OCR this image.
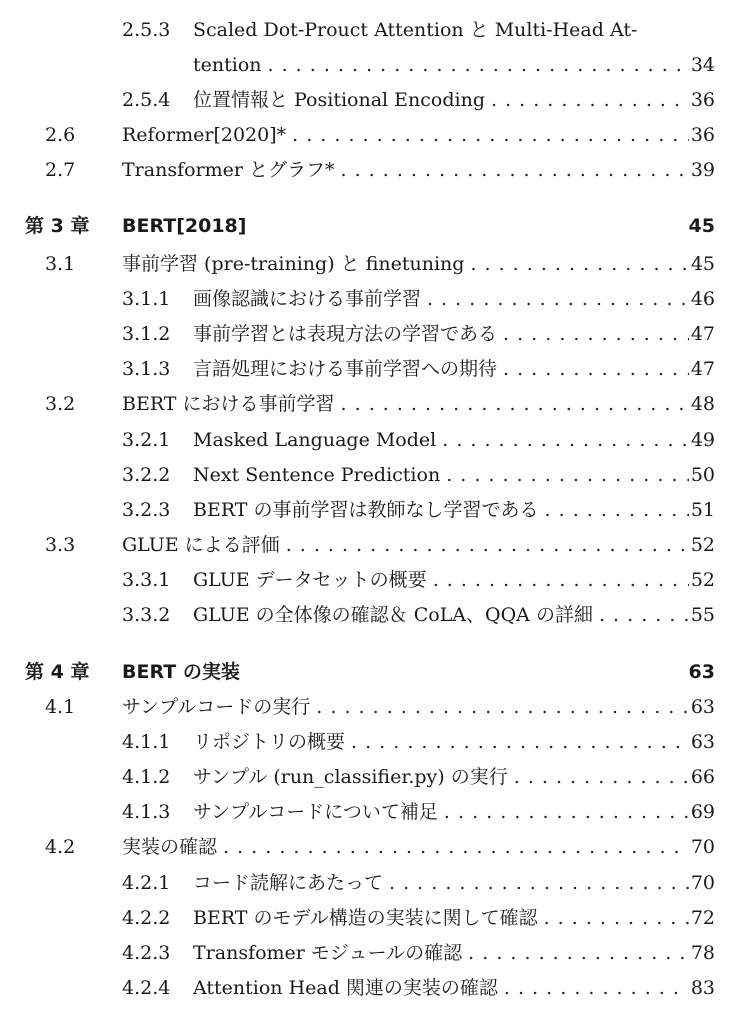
2.5.3 Scaled Dot-Prouct Attention と Multi-Head At-
tention . . .	34
2.5.4 位置情報と Positional Encoding . . .	36
2.6 Reformer[2020]* . . .	36
2.7 Transformer とグラフ* . . .	39
第 3 章 BERT[2018]	45
3.1 事前学習 (pre-training) と finetuning . . .	45
3.1.1 画像認識における事前学習 . . .	46
3.1.2 事前学習とは表現方法の学習である . . .	47
3.1.3 言語処理における事前学習への期待 . . .	47
3.2 BERT における事前学習 . . .	48
3.2.1 Masked Language Model . . .	49
3.2.2 Next Sentence Prediction . . .	50
3.2.3 BERT の事前学習は教師なし学習である . . .	51
3.3 GLUE による評価 . . .	52
3.3.1 GLUE データセットの概要 . . .	52
3.3.2 GLUE の全体像の確認＆ CoLA、QQA の詳細 . . .	55
第 4 章 BERT の実装	63
4.1 サンプルコードの実行 . . .	63
4.1.1 リポジトリの概要 . . .	63
4.1.2 サンプル (run_classifier.py) の実行 . . .	66
4.1.3 サンプルコードについて補足 . . .	69
4.2 実装の確認 . . .	70
4.2.1 コード読解にあたって . . .	70
4.2.2 BERT のモデル構造の実装に関して確認 . . .	72
4.2.3 Transfomer モジュールの確認 . . .	78
4.2.4 Attention Head 関連の実装の確認 . . .	83
